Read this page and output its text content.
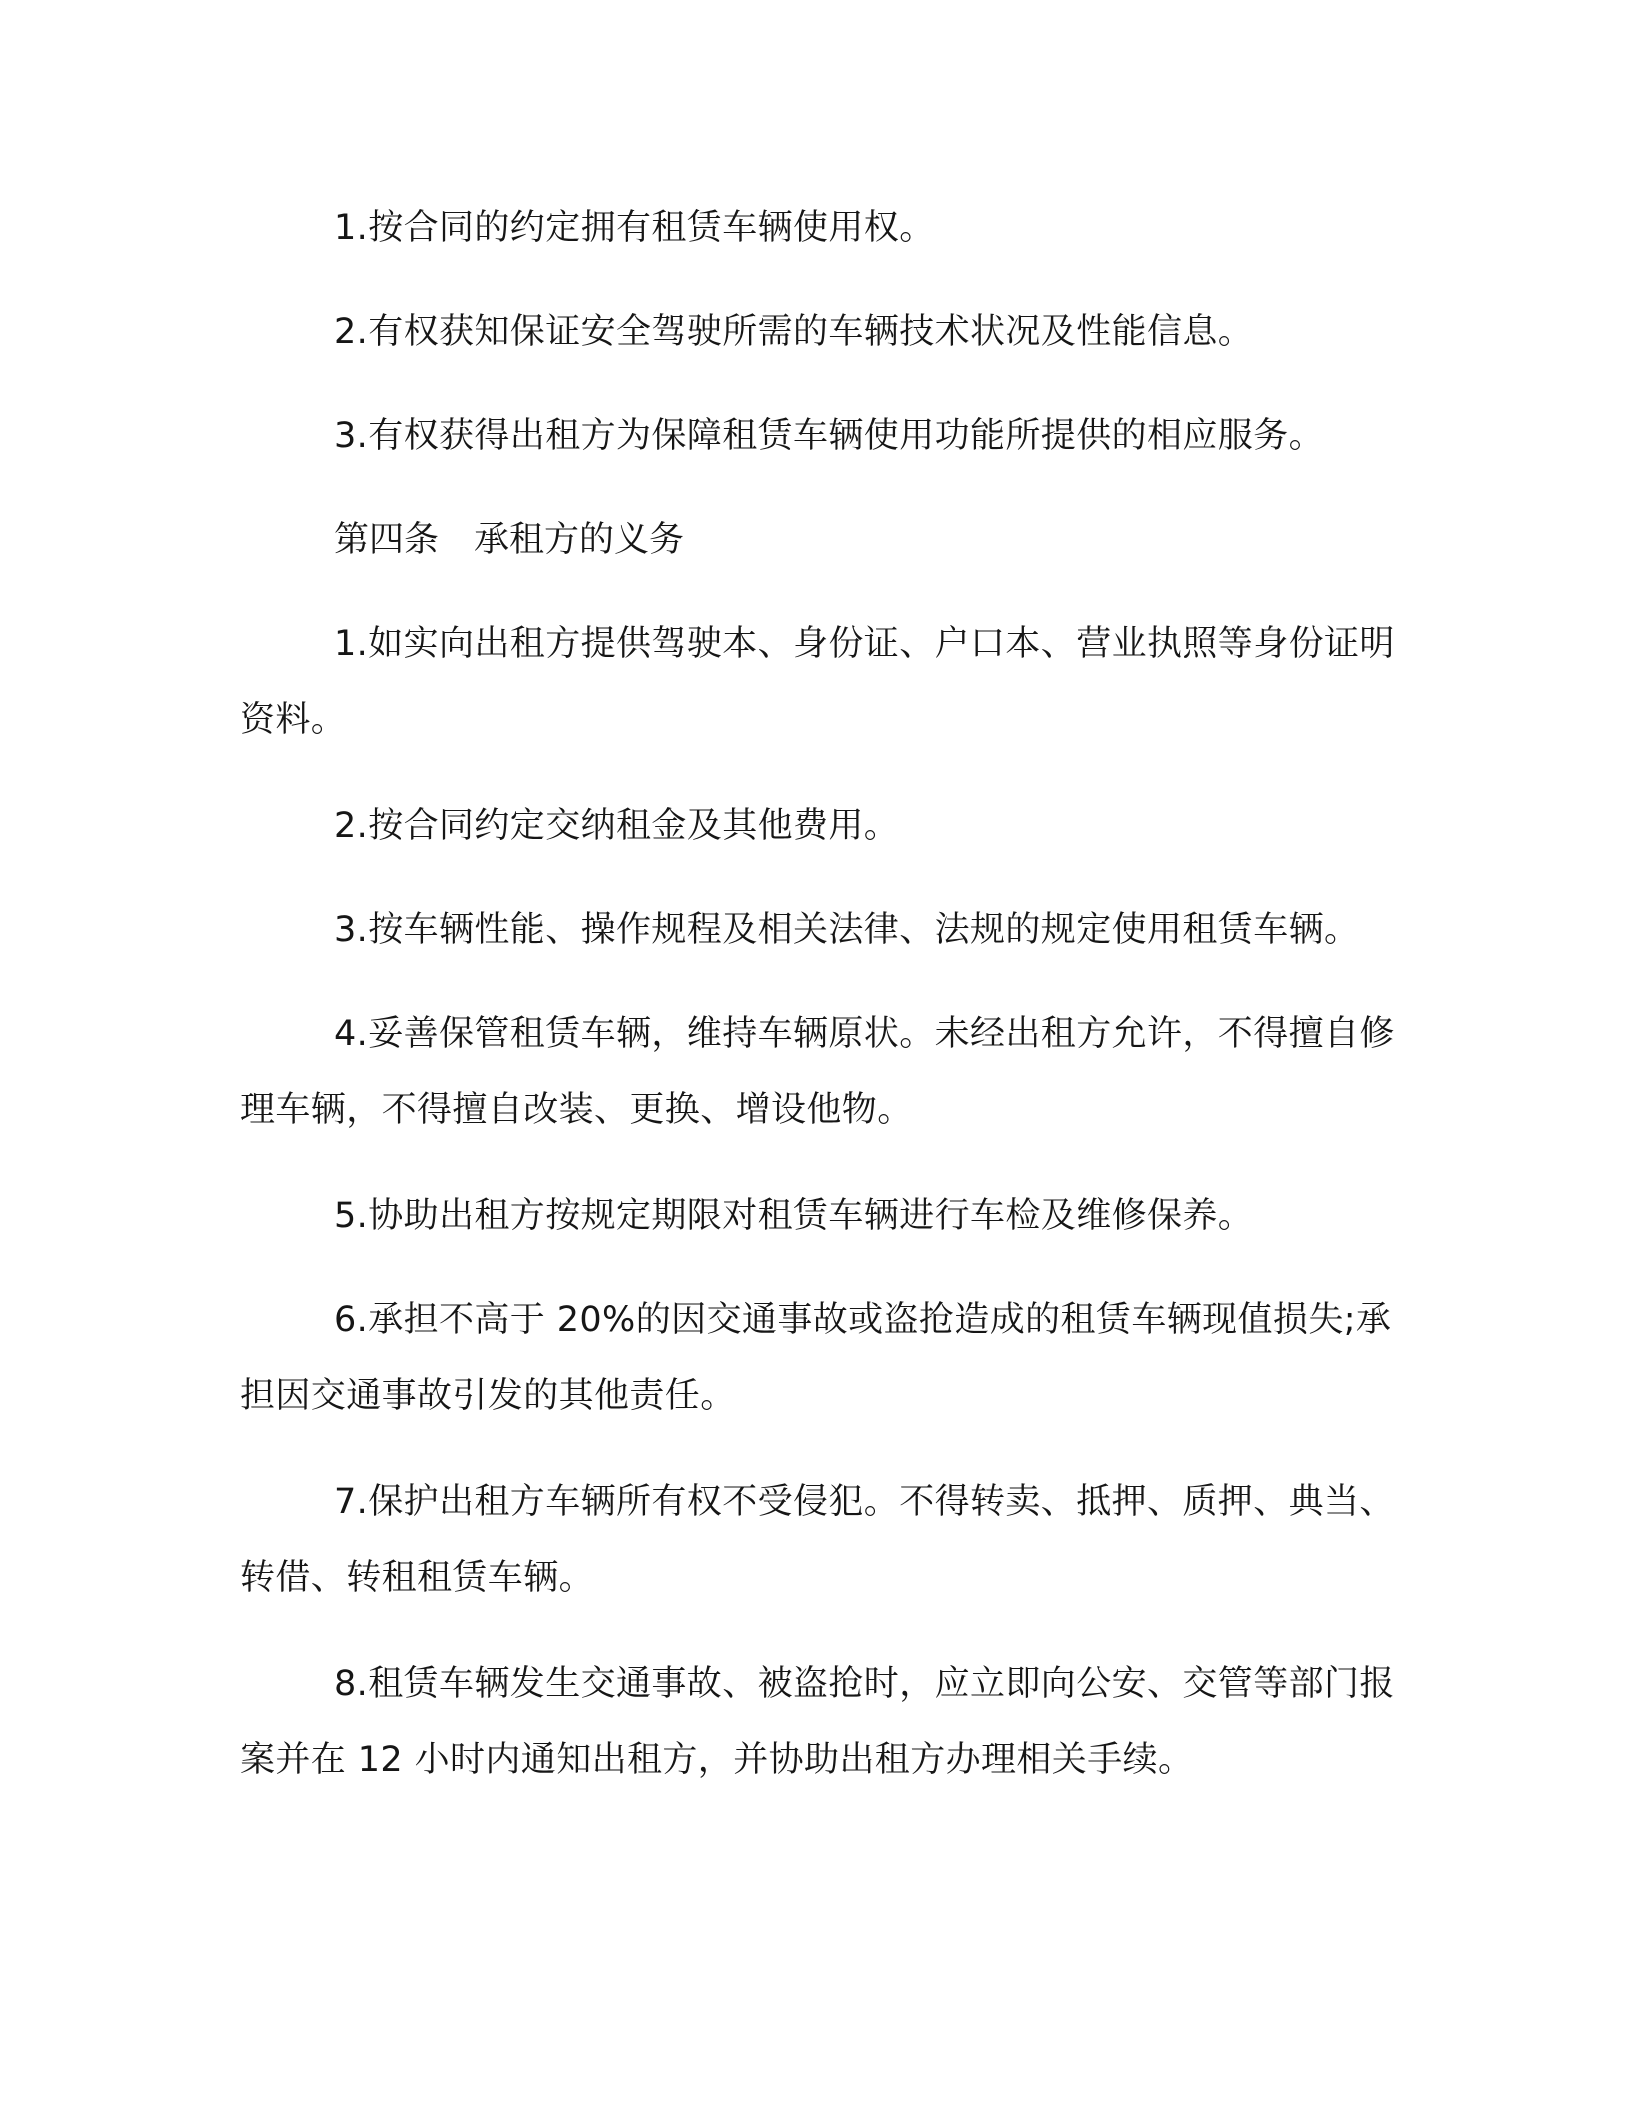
1.按合同的约定拥有租赁车辆使用权。

2.有权获知保证安全驾驶所需的车辆技术状况及性能信息。

3.有权获得出租方为保障租赁车辆使用功能所提供的相应服务。

第四条　承租方的义务

1.如实向出租方提供驾驶本、身份证、户口本、营业执照等身份证明资料。

2.按合同约定交纳租金及其他费用。

3.按车辆性能、操作规程及相关法律、法规的规定使用租赁车辆。

4.妥善保管租赁车辆，维持车辆原状。未经出租方允许，不得擅自修理车辆，不得擅自改装、更换、增设他物。

5.协助出租方按规定期限对租赁车辆进行车检及维修保养。

6.承担不高于 20%的因交通事故或盗抢造成的租赁车辆现值损失;承担因交通事故引发的其他责任。

7.保护出租方车辆所有权不受侵犯。不得转卖、抵押、质押、典当、转借、转租租赁车辆。

8.租赁车辆发生交通事故、被盗抢时，应立即向公安、交管等部门报案并在 12 小时内通知出租方，并协助出租方办理相关手续。
